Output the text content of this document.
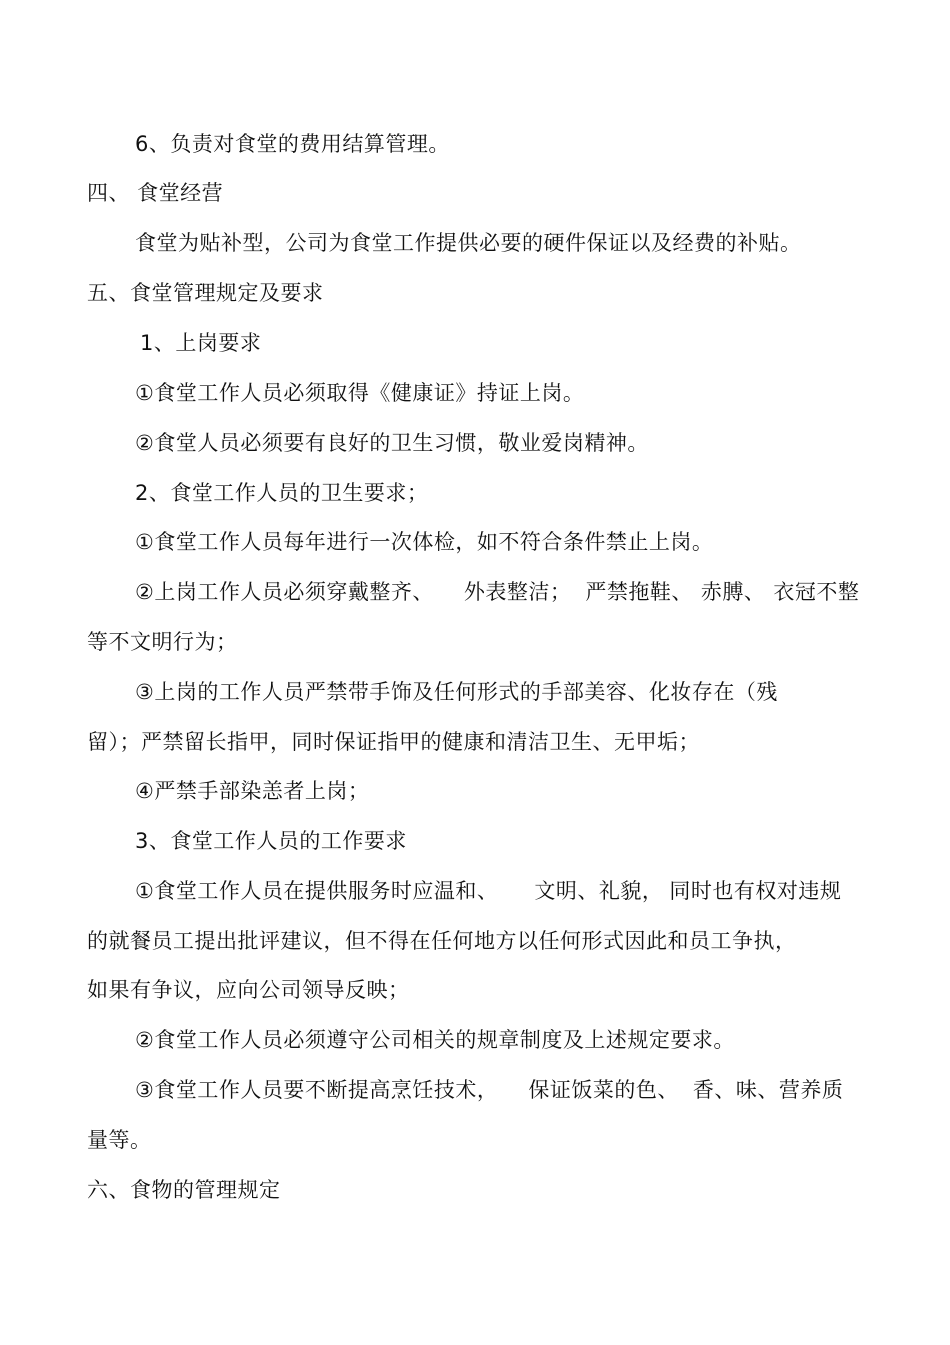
6、负责对食堂的费用结算管理。
四、 食堂经营
食堂为贴补型，公司为食堂工作提供必要的硬件保证以及经费的补贴。
五、食堂管理规定及要求
1、上岗要求
①食堂工作人员必须取得《健康证》持证上岗。
②食堂人员必须要有良好的卫生习惯，敬业爱岗精神。
2、食堂工作人员的卫生要求；
①食堂工作人员每年进行一次体检，如不符合条件禁止上岗。
②上岗工作人员必须穿戴整齐、 外表整洁； 严禁拖鞋、 赤膊、 衣冠不整
等不文明行为；
③上岗的工作人员严禁带手饰及任何形式的手部美容、化妆存在（残
留）；严禁留长指甲，同时保证指甲的健康和清洁卫生、无甲垢；
④严禁手部染恙者上岗；
3、食堂工作人员的工作要求
①食堂工作人员在提供服务时应温和、 文明、礼貌， 同时也有权对违规
的就餐员工提出批评建议，但不得在任何地方以任何形式因此和员工争执，
如果有争议，应向公司领导反映；
②食堂工作人员必须遵守公司相关的规章制度及上述规定要求。
③食堂工作人员要不断提高烹饪技术， 保证饭菜的色、 香、味、营养质
量等。
六、食物的管理规定
